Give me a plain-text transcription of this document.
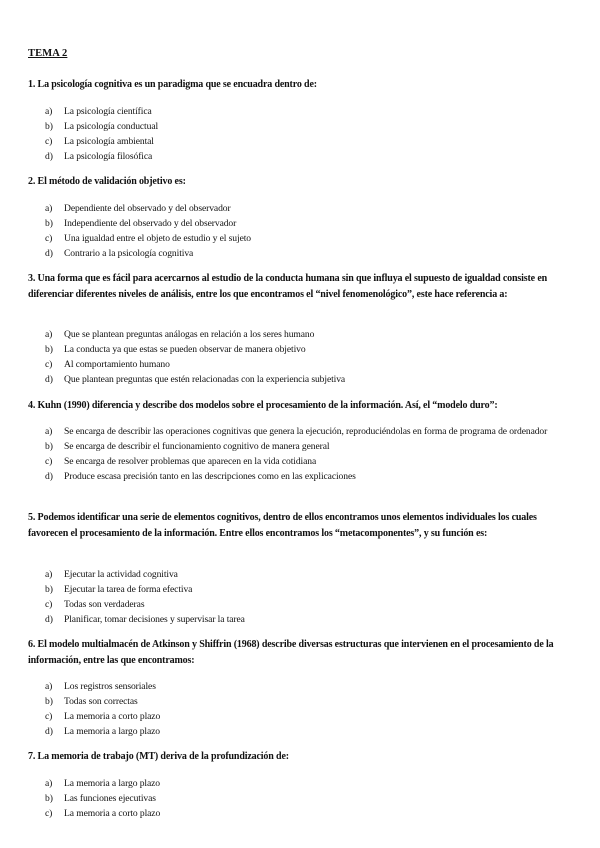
TEMA 2
1. La psicología cognitiva es un paradigma que se encuadra dentro de:
a) La psicología científica
b) La psicología conductual
c) La psicología ambiental
d) La psicología filosófica
2. El método de validación objetivo es:
a) Dependiente del observado y del observador
b) Independiente del observado y del observador
c) Una igualdad entre el objeto de estudio y el sujeto
d) Contrario a la psicología cognitiva
3. Una forma que es fácil para acercarnos al estudio de la conducta humana sin que influya el supuesto de igualdad consiste en diferenciar diferentes niveles de análisis, entre los que encontramos el “nivel fenomenológico”, este hace referencia a:
a) Que se plantean preguntas análogas en relación a los seres humano
b) La conducta ya que estas se pueden observar de manera objetivo
c) Al comportamiento humano
d) Que plantean preguntas que estén relacionadas con la experiencia subjetiva
4. Kuhn (1990) diferencia y describe dos modelos sobre el procesamiento de la información. Así, el “modelo duro”:
a) Se encarga de describir las operaciones cognitivas que genera la ejecución, reproduciéndolas en forma de programa de ordenador
b) Se encarga de describir el funcionamiento cognitivo de manera general
c) Se encarga de resolver problemas que aparecen en la vida cotidiana
d) Produce escasa precisión tanto en las descripciones como en las explicaciones
5. Podemos identificar una serie de elementos cognitivos, dentro de ellos encontramos unos elementos individuales los cuales favorecen el procesamiento de la información. Entre ellos encontramos los “metacomponentes”, y su función es:
a) Ejecutar la actividad cognitiva
b) Ejecutar la tarea de forma efectiva
c) Todas son verdaderas
d) Planificar, tomar decisiones y supervisar la tarea
6. El modelo multialmacén de Atkinson y Shiffrin (1968) describe diversas estructuras que intervienen en el procesamiento de la información, entre las que encontramos:
a) Los registros sensoriales
b) Todas son correctas
c) La memoria a corto plazo
d) La memoria a largo plazo
7. La memoria de trabajo (MT) deriva de la profundización de:
a) La memoria a largo plazo
b) Las funciones ejecutivas
c) La memoria a corto plazo
